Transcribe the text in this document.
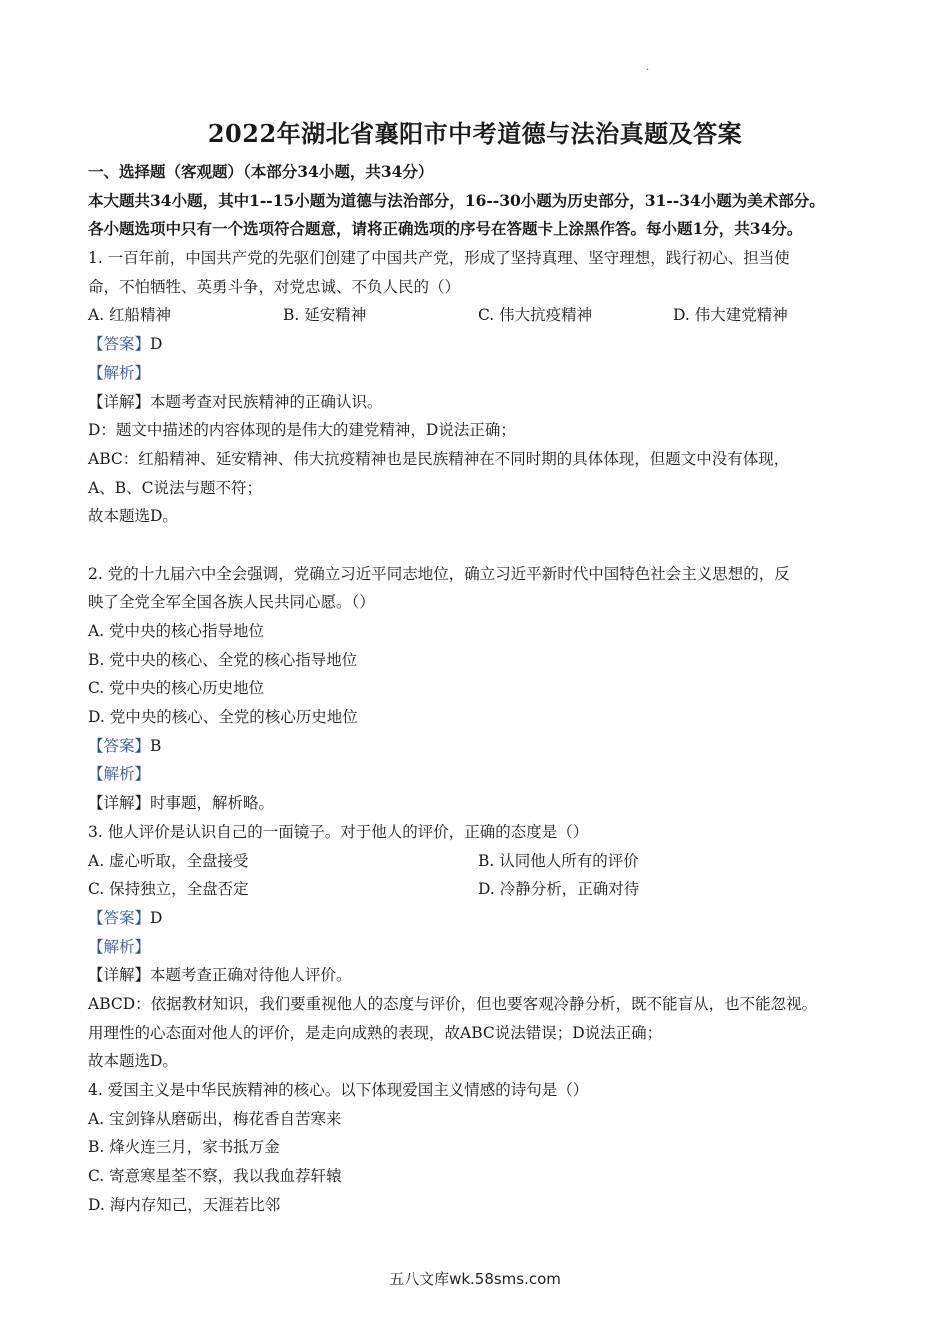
.
2022年湖北省襄阳市中考道德与法治真题及答案
一、选择题（客观题）（本部分34小题，共34分）
本大题共34小题，其中1--15小题为道德与法治部分，16--30小题为历史部分，31--34小题为美术部分。
各小题选项中只有一个选项符合题意，请将正确选项的序号在答题卡上涂黑作答。每小题1分，共34分。
1. 一百年前，中国共产党的先驱们创建了中国共产党，形成了坚持真理、坚守理想，践行初心、担当使
命，不怕牺牲、英勇斗争，对党忠诚、不负人民的（）
A. 红船精神	B. 延安精神	C. 伟大抗疫精神	D. 伟大建党精神
【答案】D
【解析】
【详解】本题考查对民族精神的正确认识。
D：题文中描述的内容体现的是伟大的建党精神，D说法正确；
ABC：红船精神、延安精神、伟大抗疫精神也是民族精神在不同时期的具体体现，但题文中没有体现，
A、B、C说法与题不符；
故本题选D。
2. 党的十九届六中全会强调，党确立习近平同志地位，确立习近平新时代中国特色社会主义思想的，反
映了全党全军全国各族人民共同心愿。（）
A. 党中央的核心指导地位
B. 党中央的核心、全党的核心指导地位
C. 党中央的核心历史地位
D. 党中央的核心、全党的核心历史地位
【答案】B
【解析】
【详解】时事题，解析略。
3. 他人评价是认识自己的一面镜子。对于他人的评价，正确的态度是（）
A. 虚心听取，全盘接受	B. 认同他人所有的评价
C. 保持独立，全盘否定	D. 冷静分析，正确对待
【答案】D
【解析】
【详解】本题考查正确对待他人评价。
ABCD：依据教材知识，我们要重视他人的态度与评价，但也要客观冷静分析，既不能盲从，也不能忽视。
用理性的心态面对他人的评价，是走向成熟的表现，故ABC说法错误；D说法正确；
故本题选D。
4. 爱国主义是中华民族精神的核心。以下体现爱国主义情感的诗句是（）
A. 宝剑锋从磨砺出，梅花香自苦寒来
B. 烽火连三月，家书抵万金
C. 寄意寒星荃不察，我以我血荐轩辕
D. 海内存知己，天涯若比邻
五八文库wk.58sms.com
